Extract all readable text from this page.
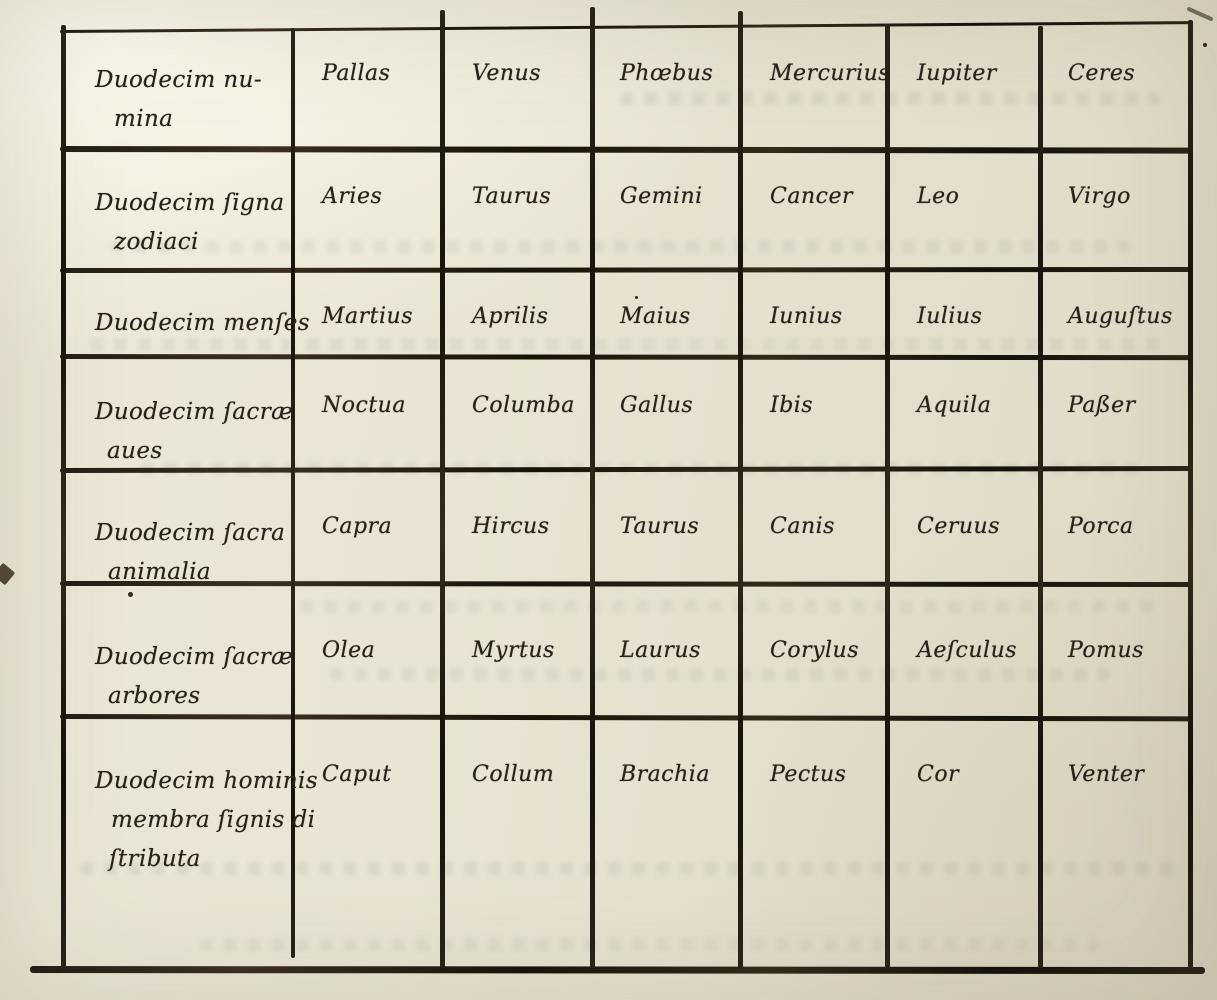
Duodecim nu-
mina
Pallas	Venus	Phœbus	Mercurius	Iupiter	Ceres
Duodecim ſigna
zodiaci
Aries	Taurus	Gemini	Cancer	Leo	Virgo
Duodecim menſes Martius	Aprilis	Maius	Iunius	Iulius	Auguſtus
Duodecim ſacræ
aues
Noctua	Columba	Gallus	Ibis	Aquila	Paßer
Duodecim ſacra
animalia
Capra	Hircus	Taurus	Canis	Ceruus	Porca
Duodecim ſacræ
arbores
Olea	Myrtus	Laurus	Corylus	Aeſculus	Pomus
Duodecim hominis
membra ſignis di
ſtributa
Caput	Collum	Brachia	Pectus	Cor	Venter
